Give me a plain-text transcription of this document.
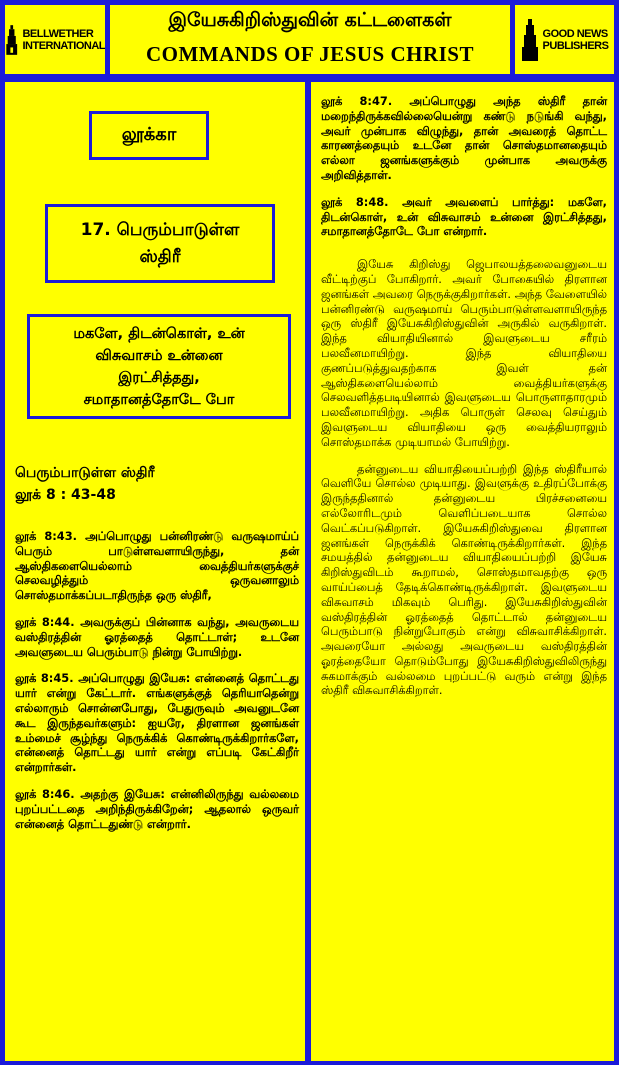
BELLWETHER
INTERNATIONAL
இயேசுகிறிஸ்துவின் கட்டளைகள்
COMMANDS OF JESUS CHRIST
GOOD NEWS
PUBLISHERS
லூக்கா
17. பெரும்பாடுள்ள
ஸ்திரீ
மகளே, திடன்கொள், உன்
விசுவாசம் உன்னை
இரட்சித்தது,
சமாதானத்தோடே போ
பெரும்பாடுள்ள ஸ்திரீ
லூக் 8 : 43-48

லூக் 8:43. அப்பொழுது பன்னிரண்டு வருஷமாய்ப் பெரும் பாடுள்ளவளாயிருந்து, தன் ஆஸ்திகளையெல்லாம் வைத்தியர்களுக்குச் செலவழித்தும் ஒருவனாலும் சொஸ்தமாக்கப்படாதிருந்த ஒரு ஸ்திரீ,

லூக் 8:44. அவருக்குப் பின்னாக வந்து, அவருடைய வஸ்திரத்தின் ஓரத்தைத் தொட்டாள்; உடனே அவளுடைய பெரும்பாடு நின்று போயிற்று.

லூக் 8:45. அப்பொழுது இயேசு: என்னைத் தொட்டது யார் என்று கேட்டார். எங்களுக்குத் தெரியாதென்று எல்லாரும் சொன்னபோது, பேதுருவும் அவனுடனே கூட இருந்தவர்களும்: ஐயரே, திரளான ஜனங்கள் உம்மைச் சூழ்ந்து நெருக்கிக் கொண்டிருக்கிறார்களே, என்னைத் தொட்டது யார் என்று எப்படி கேட்கிறீர் என்றார்கள்.

லூக் 8:46. அதற்கு இயேசு: என்னிலிருந்து வல்லமை புறப்பட்டதை அறிந்திருக்கிறேன்; ஆதலால் ஒருவர் என்னைத் தொட்டதுண்டு என்றார்.

லூக் 8:47. அப்பொழுது அந்த ஸ்திரீ தான் மறைந்திருக்கவில்லையென்று கண்டு நடுங்கி வந்து, அவர் முன்பாக விழுந்து, தான் அவரைத் தொட்ட காரணத்தையும் உடனே தான் சொஸ்தமானதையும் எல்லா ஜனங்களுக்கும் முன்பாக அவருக்கு அறிவித்தாள்.

லூக் 8:48. அவர் அவளைப் பார்த்து: மகளே, திடன்கொள், உன் விசுவாசம் உன்னை இரட்சித்தது, சமாதானத்தோடே போ என்றார்.

இயேசு கிறிஸ்து ஜெபாலயத்தலைவனுடைய வீட்டிற்குப் போகிறார். அவர் போகையில் திரளான ஜனங்கள் அவரை நெருக்குகிறார்கள். அந்த வேளையில் பன்னிரண்டு வருஷமாய் பெரும்பாடுள்ளவளாயிருந்த ஒரு ஸ்திரீ இயேசுகிறிஸ்துவின் அருகில் வருகிறாள். இந்த வியாதியினால் இவளுடைய சரீரம் பலவீனமாயிற்று. இந்த வியாதியை குணப்படுத்துவதற்காக இவள் தன் ஆஸ்திகளையெல்லாம் வைத்தியர்களுக்கு செலவளித்தபடியினால் இவளுடைய பொருளாதாரமும் பலவீனமாயிற்று. அதிக பொருள் செலவு செய்தும் இவளுடைய வியாதியை ஒரு வைத்தியராலும் சொஸ்தமாக்க முடியாமல் போயிற்று.

தன்னுடைய வியாதியைப்பற்றி இந்த ஸ்திரீயால் வெளியே சொல்ல முடியாது. இவளுக்கு உதிரப்போக்கு இருந்ததினால் தன்னுடைய பிரச்சனையை எல்லோரிடமும் வெளிப்படையாக சொல்ல வெட்கப்படுகிறாள். இயேசுகிறிஸ்துவை திரளான ஜனங்கள் நெருக்கிக் கொண்டிருக்கிறார்கள். இந்த சமயத்தில் தன்னுடைய வியாதியைப்பற்றி இயேசு கிறிஸ்துவிடம் கூறாமல், சொஸ்தமாவதற்கு ஒரு வாய்ப்பைத் தேடிக்கொண்டிருக்கிறாள். இவளுடைய விசுவாசம் மிகவும் பெரிது. இயேசுகிறிஸ்துவின் வஸ்திரத்தின் ஓரத்தைத் தொட்டால் தன்னுடைய பெரும்பாடு நின்றுபோகும் என்று விசுவாசிக்கிறாள். அவரையோ அல்லது அவருடைய வஸ்திரத்தின் ஓரத்தையோ தொடும்போது இயேசுகிறிஸ்துவிலிருந்து சுகமாக்கும் வல்லமை புறப்பட்டு வரும் என்று இந்த ஸ்திரீ விசுவாசிக்கிறாள்.
